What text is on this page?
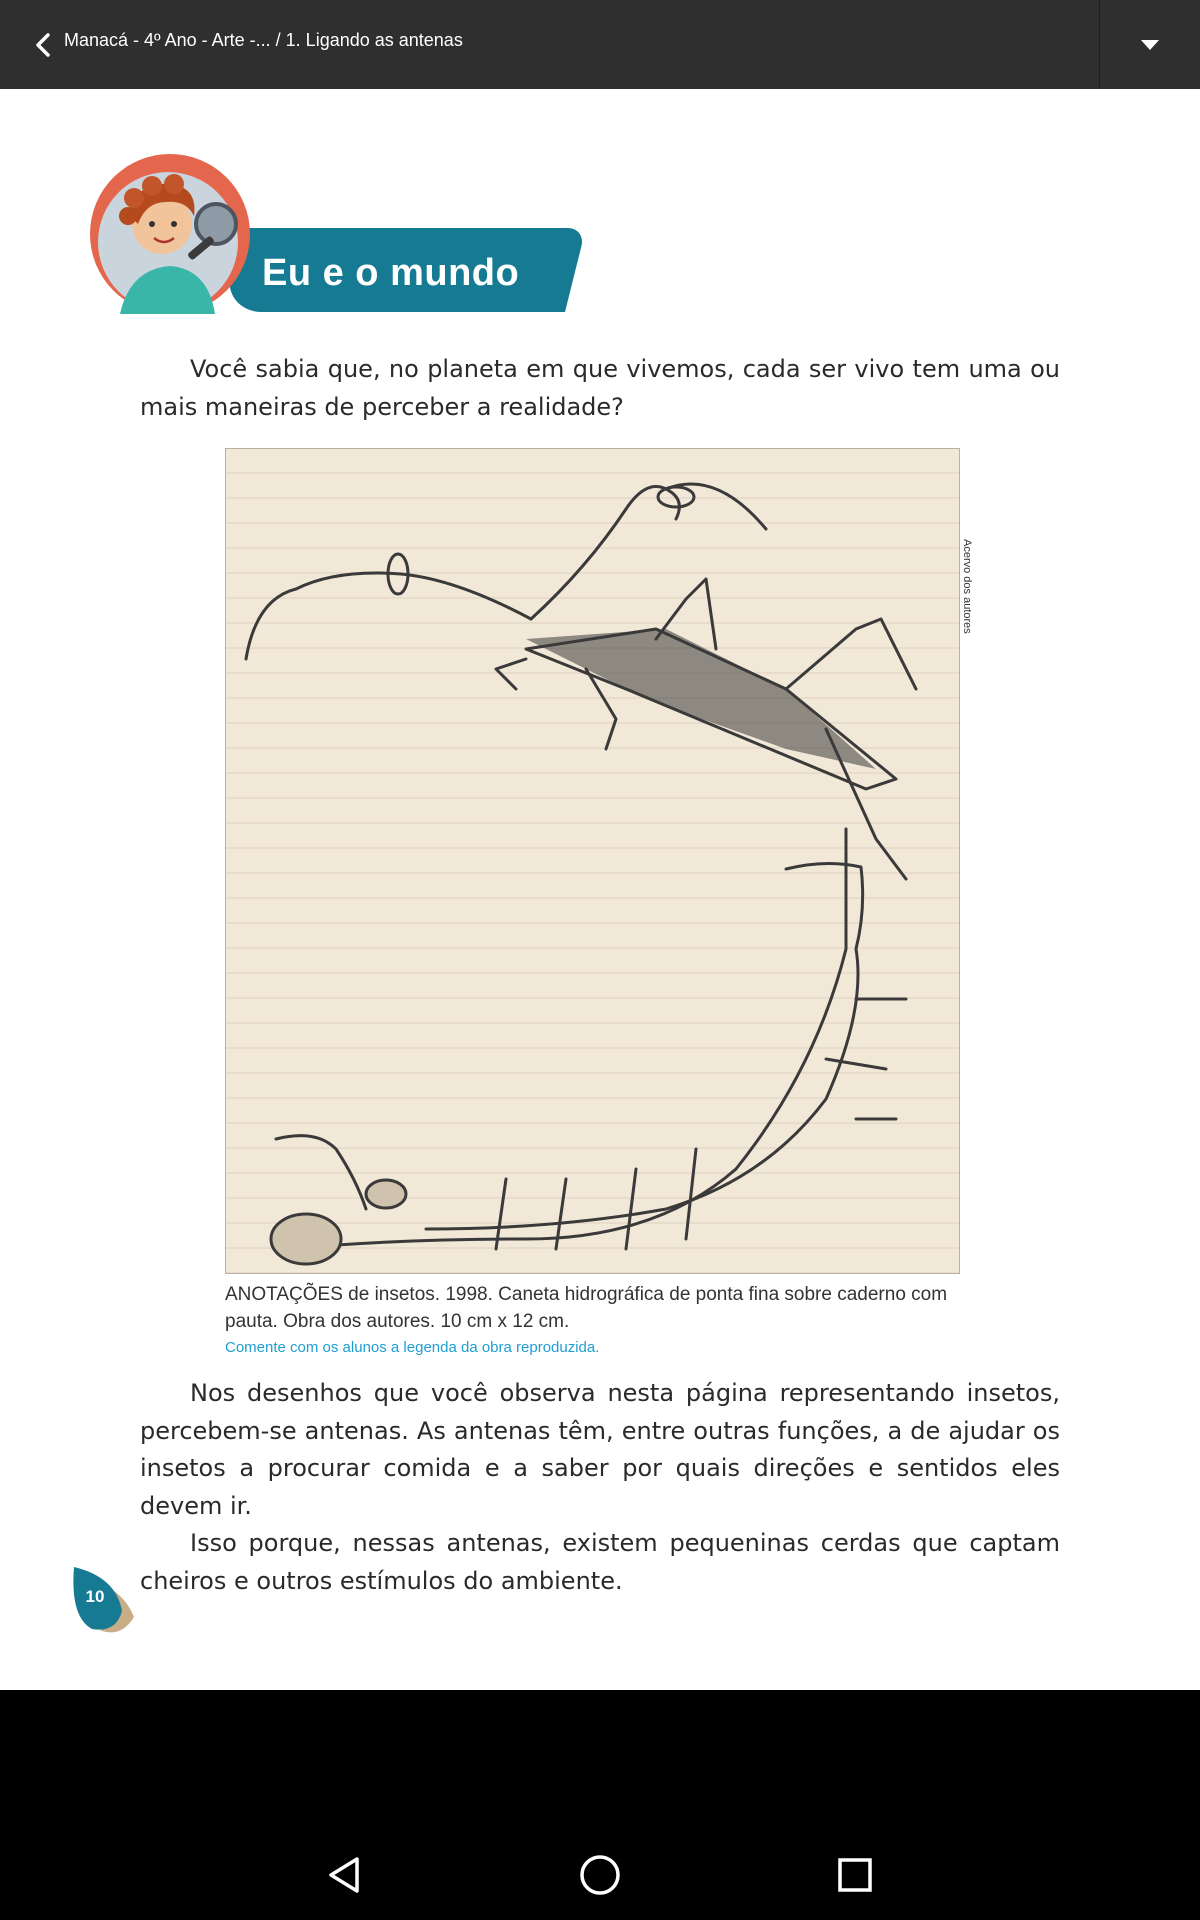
Manacá - 4º Ano - Arte -... / 1. Ligando as antenas
Eu e o mundo

Você sabia que, no planeta em que vivemos, cada ser vivo tem uma ou mais maneiras de perceber a realidade?

Acervo dos autores
ANOTAÇÕES de insetos. 1998. Caneta hidrográfica de ponta fina sobre caderno com pauta. Obra dos autores. 10 cm x 12 cm.
Comente com os alunos a legenda da obra reproduzida.

Nos desenhos que você observa nesta página representando insetos, percebem-se antenas. As antenas têm, entre outras funções, a de ajudar os insetos a procurar comida e a saber por quais direções e sentidos eles devem ir.

Isso porque, nessas antenas, existem pequeninas cerdas que captam cheiros e outros estímulos do ambiente.

10
